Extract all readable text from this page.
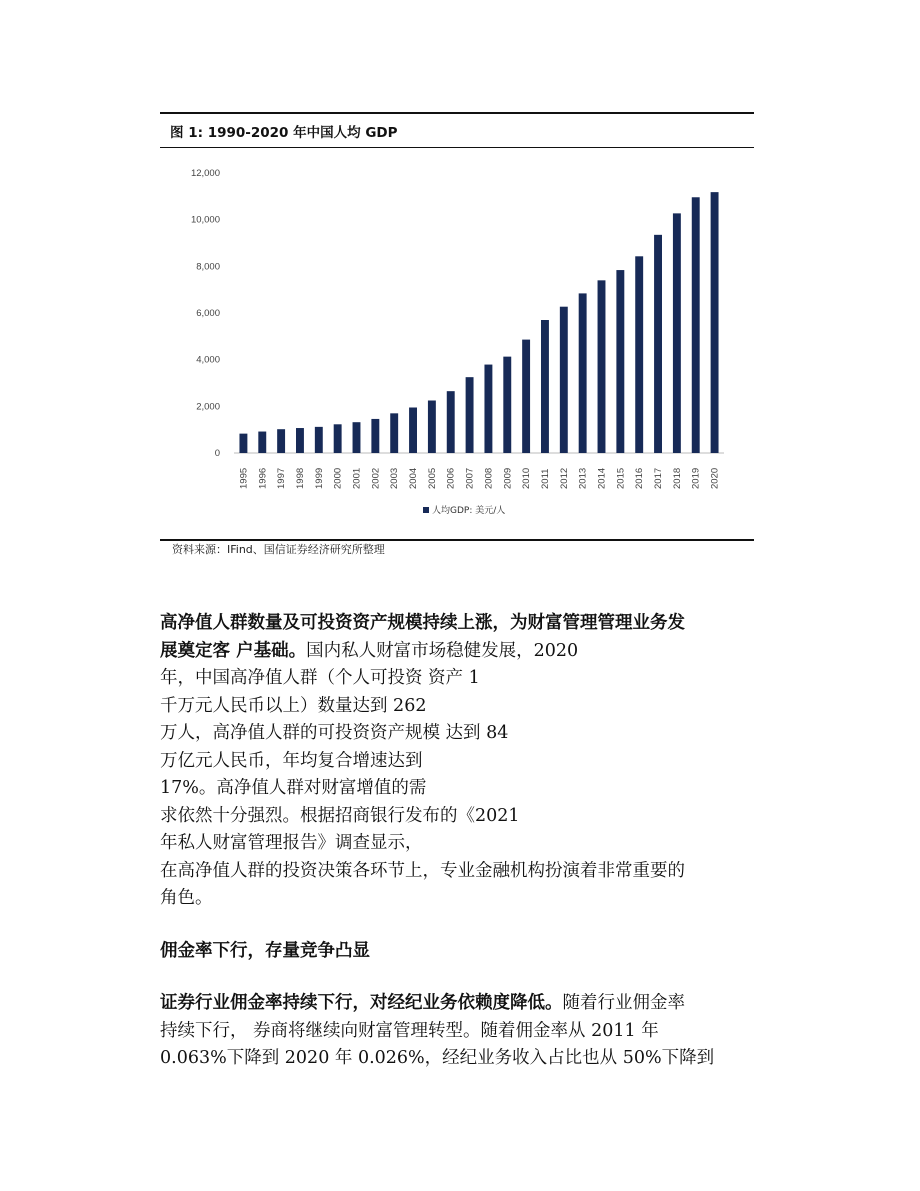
图 1: 1990-2020 年中国人均 GDP
0
2,000
4,000
6,000
8,000
10,000
12,000
1995 1996 1997 1998 1999 2000 2001 2002 2003 2004 2005 2006 2007 2008 2009 2010 2011 2012 2013 2014 2015 2016 2017 2018 2019 2020
人均GDP: 美元/人
资料来源：IFind、国信证券经济研究所整理

高净值人群数量及可投资资产规模持续上涨，为财富管理管理业务发
展奠定客 户基础。国内私人财富市场稳健发展，2020
年，中国高净值人群（个人可投资 资产 1
千万元人民币以上）数量达到 262
万人，高净值人群的可投资资产规模 达到 84
万亿元人民币，年均复合增速达到
17%。高净值人群对财富增值的需
求依然十分强烈。根据招商银行发布的《2021
年私人财富管理报告》调查显示，
在高净值人群的投资决策各环节上，专业金融机构扮演着非常重要的
角色。

佣金率下行，存量竞争凸显

证券行业佣金率持续下行，对经纪业务依赖度降低。随着行业佣金率
持续下行， 券商将继续向财富管理转型。随着佣金率从 2011 年
0.063%下降到 2020 年 0.026%，经纪业务收入占比也从 50%下降到
